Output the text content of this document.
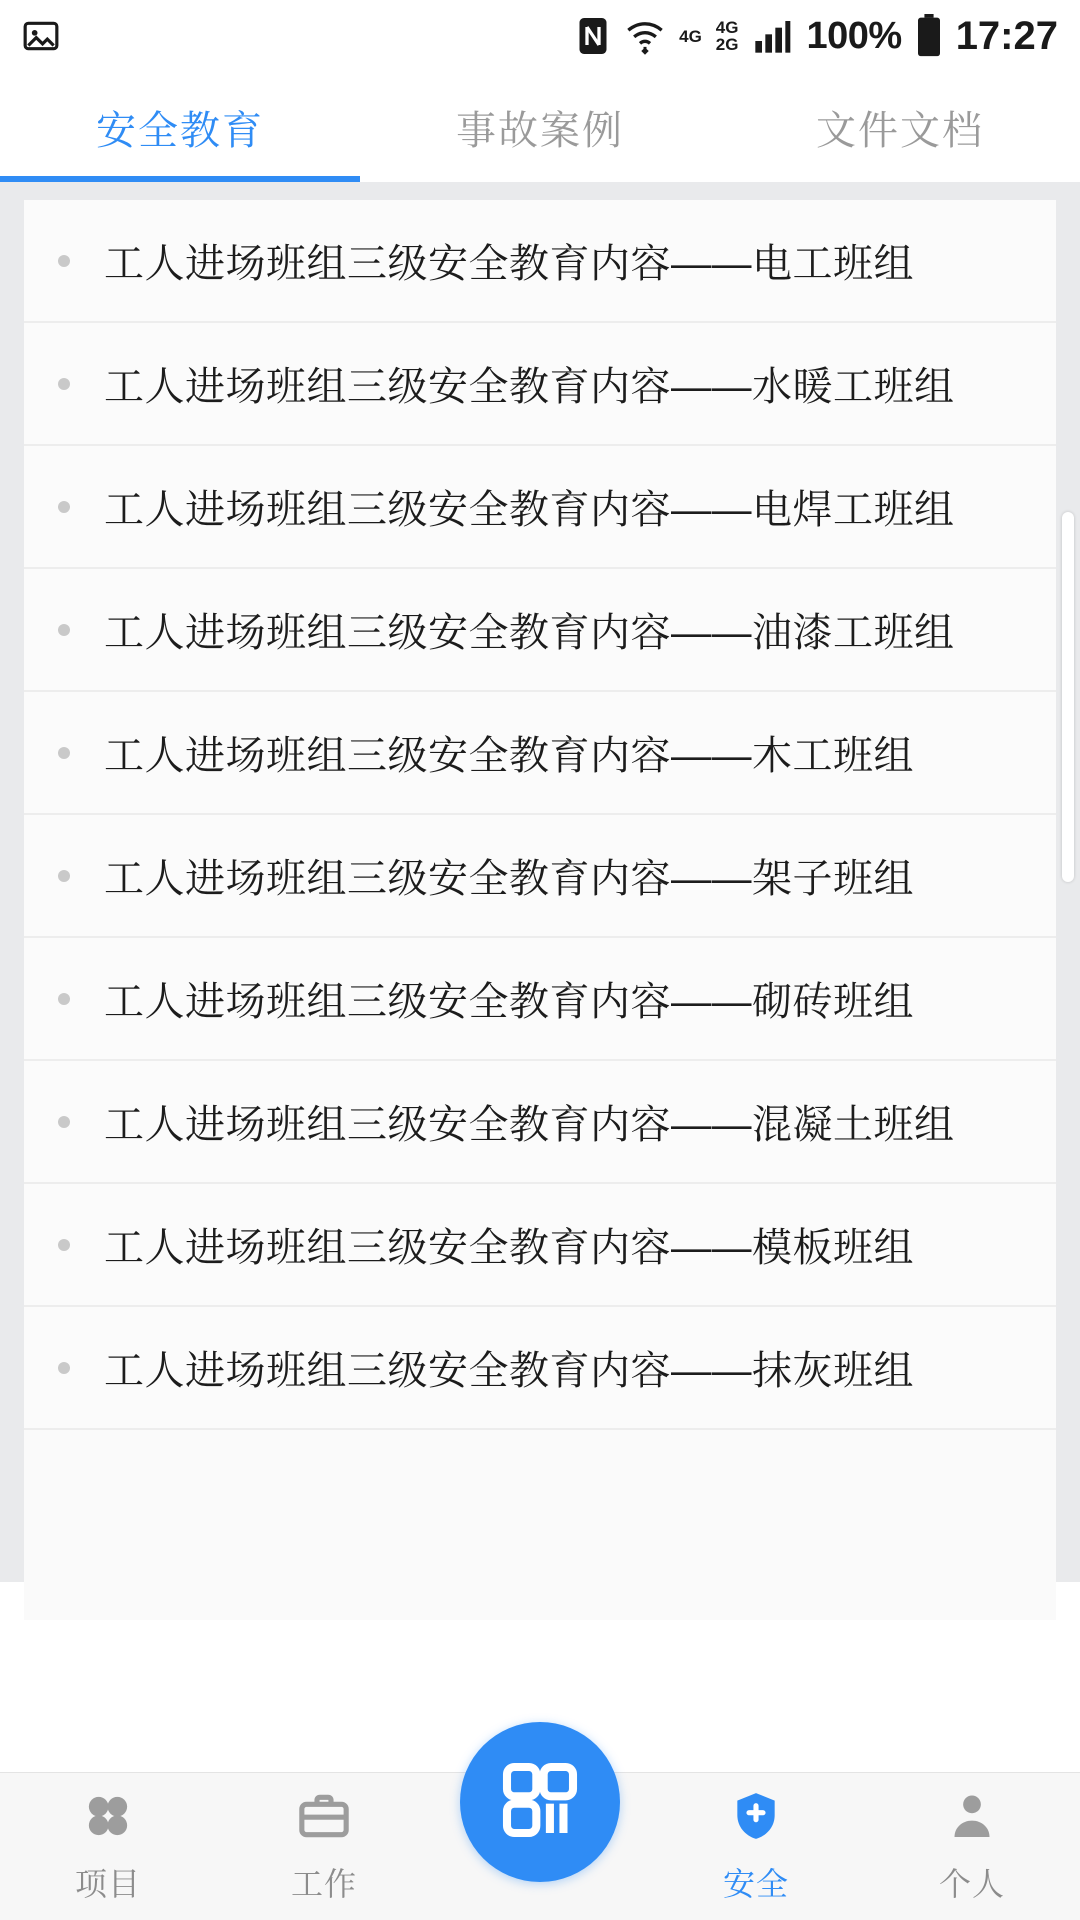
4G 4G
2G 100% 17:27
安全教育	事故案例	文件文档
工人进场班组三级安全教育内容――电工班组
工人进场班组三级安全教育内容――水暖工班组
工人进场班组三级安全教育内容――电焊工班组
工人进场班组三级安全教育内容――油漆工班组
工人进场班组三级安全教育内容――木工班组
工人进场班组三级安全教育内容――架子班组
工人进场班组三级安全教育内容――砌砖班组
工人进场班组三级安全教育内容――混凝土班组
工人进场班组三级安全教育内容――模板班组
工人进场班组三级安全教育内容――抹灰班组
项目	工作	安全	个人
